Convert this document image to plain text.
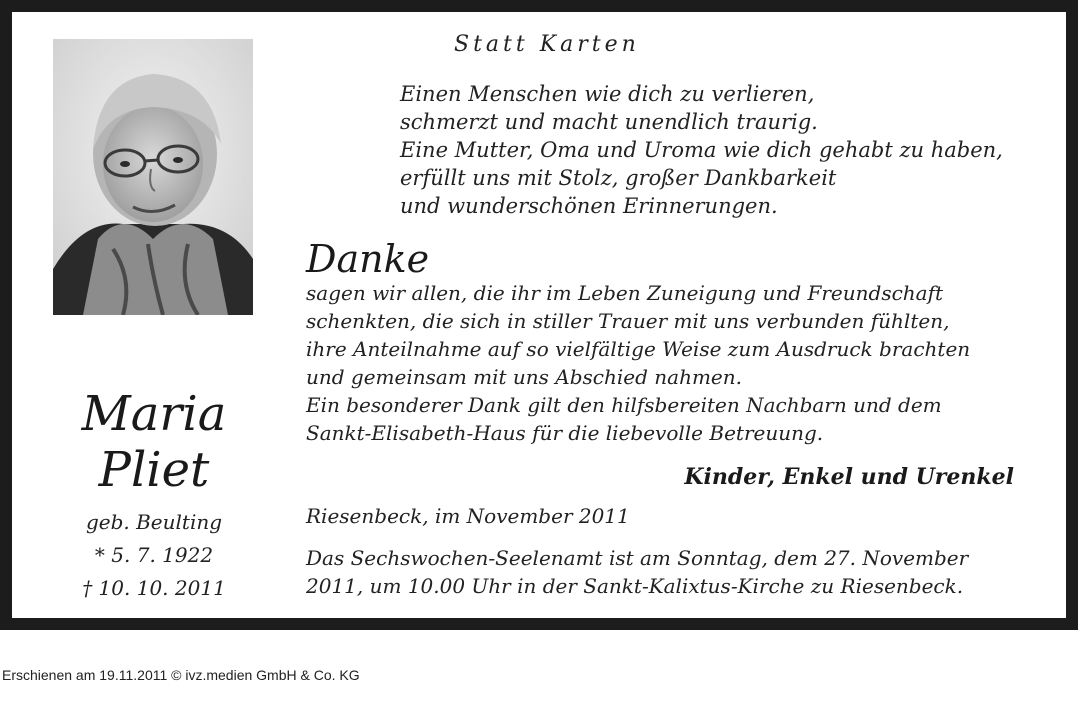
Statt Karten
Einen Menschen wie dich zu verlieren,
schmerzt und macht unendlich traurig.
Eine Mutter, Oma und Uroma wie dich gehabt zu haben,
erfüllt uns mit Stolz, großer Dankbarkeit
und wunderschönen Erinnerungen.
Danke
sagen wir allen, die ihr im Leben Zuneigung und Freundschaft
schenkten, die sich in stiller Trauer mit uns verbunden fühlten,
ihre Anteilnahme auf so vielfältige Weise zum Ausdruck brachten
und gemeinsam mit uns Abschied nahmen.
Ein besonderer Dank gilt den hilfsbereiten Nachbarn und dem
Sankt-Elisabeth-Haus für die liebevolle Betreuung.
Kinder, Enkel und Urenkel
Riesenbeck, im November 2011
Das Sechswochen-Seelenamt ist am Sonntag, dem 27. November
2011, um 10.00 Uhr in der Sankt-Kalixtus-Kirche zu Riesenbeck.
Maria
Pliet
geb. Beulting
* 5. 7. 1922
† 10. 10. 2011
Erschienen am 19.11.2011 © ivz.medien GmbH & Co. KG
